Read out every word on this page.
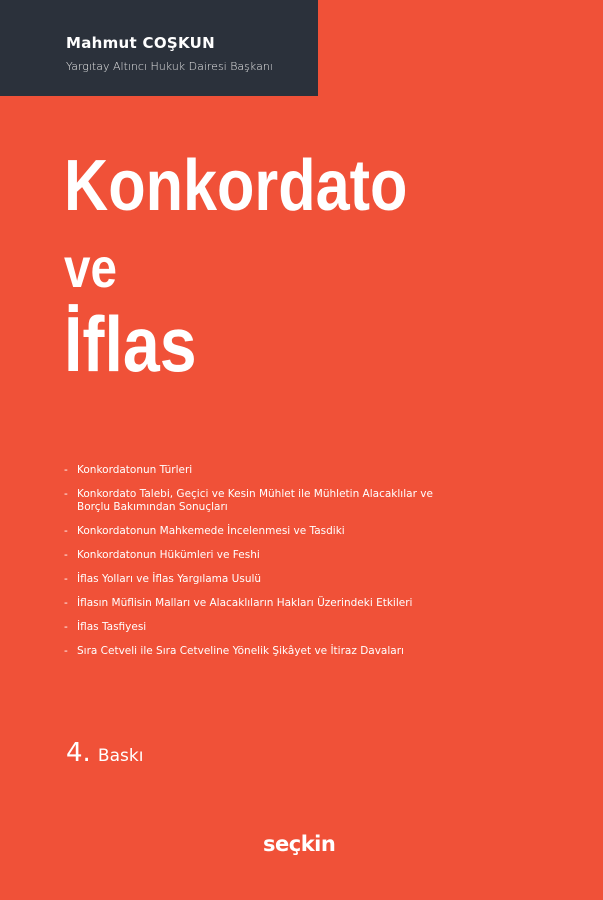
Mahmut COŞKUN
Yargıtay Altıncı Hukuk Dairesi Başkanı
Konkordato
ve
İflas
- Konkordatonun Türleri
- Konkordato Talebi, Geçici ve Kesin Mühlet ile Mühletin Alacaklılar ve Borçlu Bakımından Sonuçları
- Konkordatonun Mahkemede İncelenmesi ve Tasdiki
- Konkordatonun Hükümleri ve Feshi
- İflas Yolları ve İflas Yargılama Usulü
- İflasın Müflisin Malları ve Alacaklıların Hakları Üzerindeki Etkileri
- İflas Tasfiyesi
- Sıra Cetveli ile Sıra Cetveline Yönelik Şikâyet ve İtiraz Davaları
4. Baskı
seçkin
